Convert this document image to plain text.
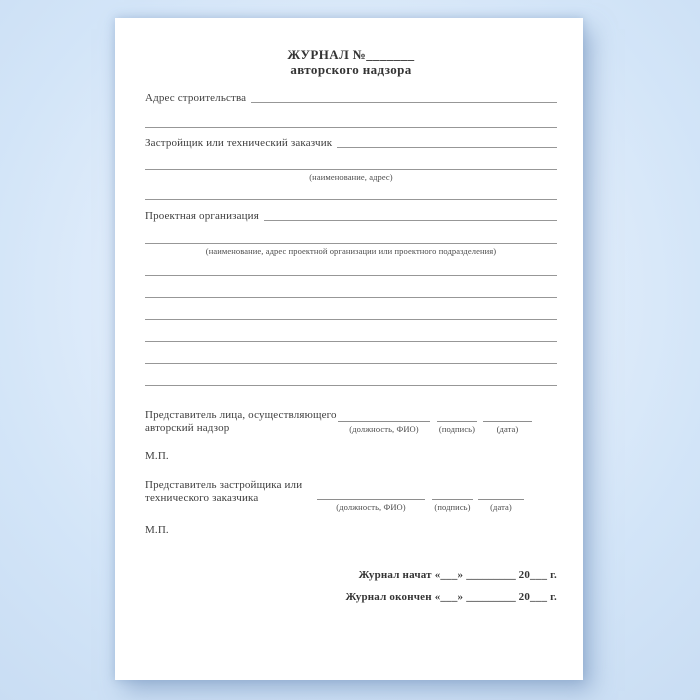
ЖУРНАЛ №_______
авторского надзора
Адрес строительства
Застройщик или технический заказчик
(наименование, адрес)
Проектная организация
(наименование, адрес проектной организации или проектного подразделения)
Представитель лица, осуществляющего
авторский надзор	(должность, ФИО)	(подпись)	(дата)
М.П.
Представитель застройщика или
технического заказчика
(должность, ФИО)	(подпись)	(дата)
М.П.
Журнал начат «___» _________ 20___ г.
Журнал окончен «___» _________ 20___ г.
